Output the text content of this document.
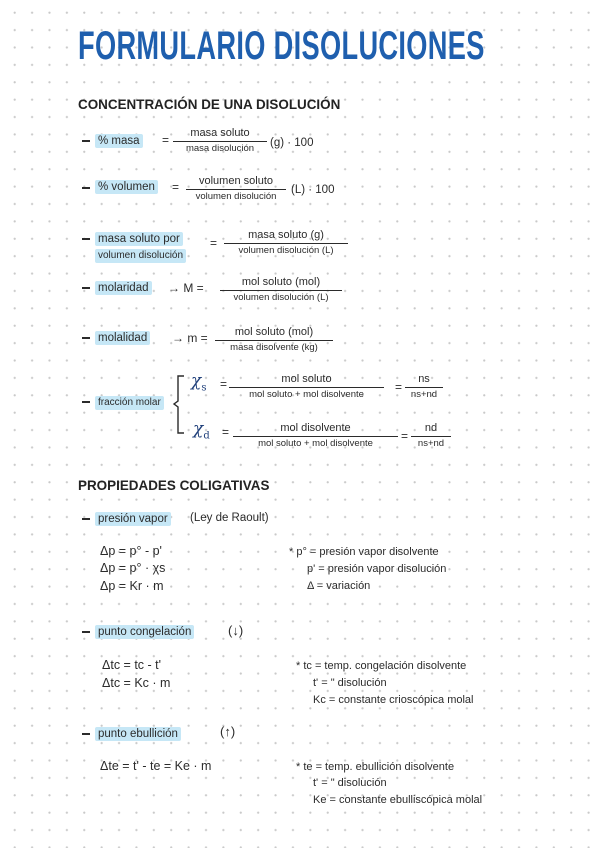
FORMULARIO DISOLUCIONES
CONCENTRACIÓN DE UNA DISOLUCIÓN
% masa =	masa soluto
masa disolución	(g) · 100
% volumen =	volumen soluto
volumen disolución
(L) · 100
masa soluto por
volumen disolución
=
masa soluto (g)
volumen disolución (L)
molaridad → M =	mol soluto (mol)
volumen disolución (L)
molalidad → m =	mol soluto (mol)
masa disolvente (kg)
fracción molar
$\chi_s$ =	mol soluto
mol soluto + mol disolvente
= $\frac{ns}{ns+nd}$
$\chi_d$ =	mol disolvente
mol soluto + mol disolvente
= $\frac{nd}{ns+nd}$
PROPIEDADES COLIGATIVAS
presión vapor (Ley de Raoult)
Δp = p° - p'
Δp = p° · χs
Δp = Kr · m
* p° = presión vapor disolvente
p' = presión vapor disolución
Δ = variación
punto congelación	(↓)
Δtc = tc - t'
Δtc = Kc · m
* tc = temp. congelación disolvente
t' = " disolución
Kc = constante crioscópica molal
punto ebullición	(↑)
Δte = t' - te = Ke · m	* te = temp. ebullición disolvente
t' = " disolución
Ke = constante ebulliscópica molal
